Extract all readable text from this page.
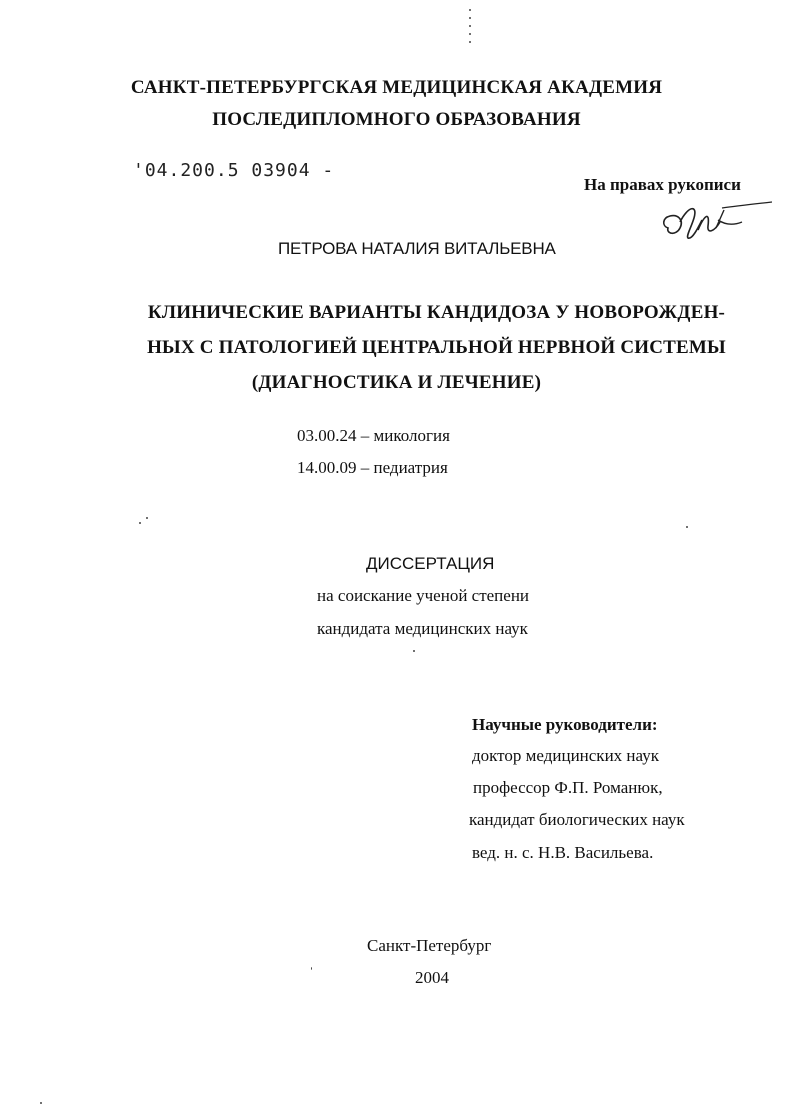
САНКТ-ПЕТЕРБУРГСКАЯ МЕДИЦИНСКАЯ АКАДЕМИЯ
ПОСЛЕДИПЛОМНОГО ОБРАЗОВАНИЯ
'04.200.5 03904 -
На правах рукописи
ПЕТРОВА НАТАЛИЯ ВИТАЛЬЕВНА
КЛИНИЧЕСКИЕ ВАРИАНТЫ КАНДИДОЗА У НОВОРОЖДЕН-
НЫХ С ПАТОЛОГИЕЙ ЦЕНТРАЛЬНОЙ НЕРВНОЙ СИСТЕМЫ
(ДИАГНОСТИКА И ЛЕЧЕНИЕ)
03.00.24 – микология
14.00.09 – педиатрия
ДИССЕРТАЦИЯ
на соискание ученой степени
кандидата медицинских наук
Научные руководители:
доктор медицинских наук
профессор Ф.П. Романюк,
кандидат биологических наук
вед. н. с. Н.В. Васильева.
Санкт-Петербург
2004
